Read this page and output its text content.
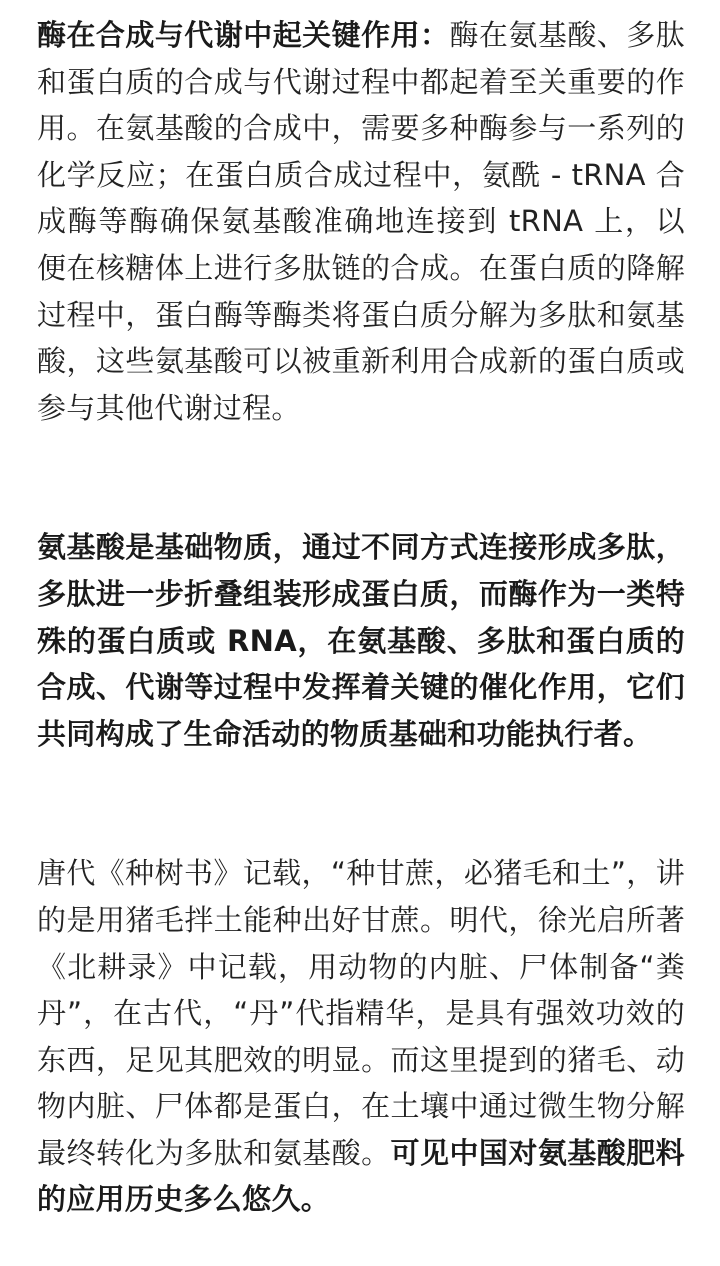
酶在合成与代谢中起关键作用：酶在氨基酸、多肽和蛋白质的合成与代谢过程中都起着至关重要的作用。在氨基酸的合成中，需要多种酶参与一系列的化学反应；在蛋白质合成过程中，氨酰 - tRNA 合成酶等酶确保氨基酸准确地连接到 tRNA 上，以便在核糖体上进行多肽链的合成。在蛋白质的降解过程中，蛋白酶等酶类将蛋白质分解为多肽和氨基酸，这些氨基酸可以被重新利用合成新的蛋白质或参与其他代谢过程。

氨基酸是基础物质，通过不同方式连接形成多肽，多肽进一步折叠组装形成蛋白质，而酶作为一类特殊的蛋白质或 RNA，在氨基酸、多肽和蛋白质的合成、代谢等过程中发挥着关键的催化作用，它们共同构成了生命活动的物质基础和功能执行者。

唐代《种树书》记载，“种甘蔗，必猪毛和土”，讲的是用猪毛拌土能种出好甘蔗。明代，徐光启所著《北耕录》中记载，用动物的内脏、尸体制备“粪丹”，在古代，“丹”代指精华，是具有强效功效的东西，足见其肥效的明显。而这里提到的猪毛、动物内脏、尸体都是蛋白，在土壤中通过微生物分解最终转化为多肽和氨基酸。可见中国对氨基酸肥料的应用历史多么悠久。
